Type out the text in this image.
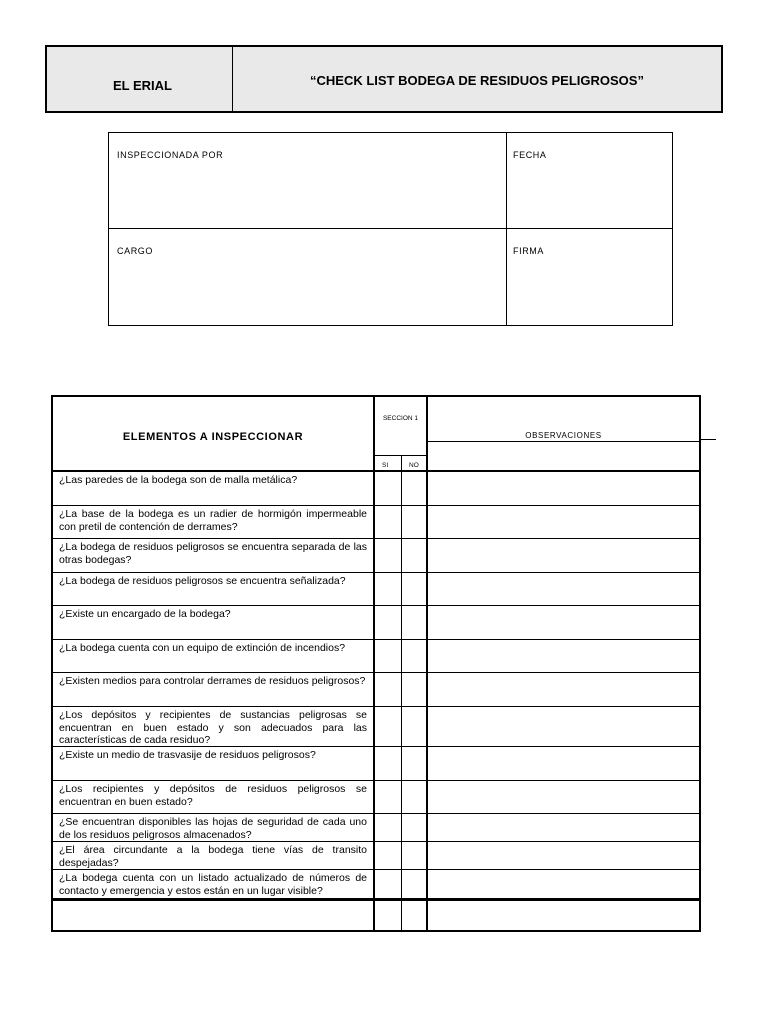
EL ERIAL	“CHECK LIST BODEGA DE RESIDUOS PELIGROSOS”
INSPECCIONADA POR	FECHA
CARGO	FIRMA
ELEMENTOS A INSPECCIONAR
SECCION 1
SI	NO
OBSERVACIONES
¿Las paredes de la bodega son de malla metálica?
¿La base de la bodega es un radier de hormigón impermeable con pretil de contención de derrames?
¿La bodega de residuos peligrosos se encuentra separada de las otras bodegas?
¿La bodega de residuos peligrosos se encuentra señalizada?
¿Existe un encargado de la bodega?
¿La bodega cuenta con un equipo de extinción de incendios?
¿Existen medios para controlar derrames de residuos peligrosos?
¿Los depósitos y recipientes de sustancias peligrosas se encuentran en buen estado y son adecuados para las características de cada residuo?
¿Existe un medio de trasvasije de residuos peligrosos?
¿Los recipientes y depósitos de residuos peligrosos se encuentran en buen estado?
¿Se encuentran disponibles las hojas de seguridad de cada uno de los residuos peligrosos almacenados?
¿El área circundante a la bodega tiene vías de transito despejadas?
¿La bodega cuenta con un listado actualizado de números de contacto y emergencia y estos están en un lugar visible?
